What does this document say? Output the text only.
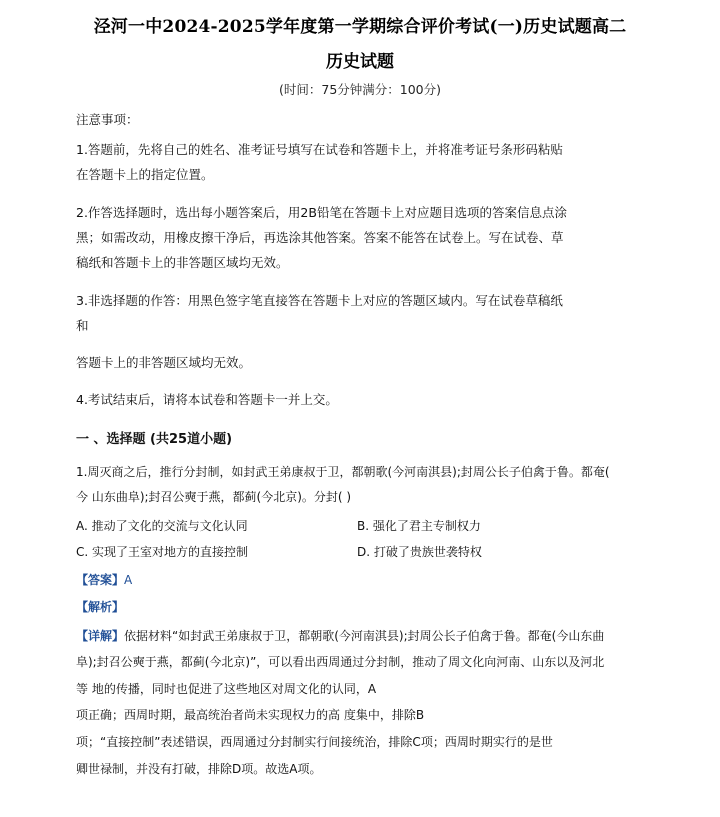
泾河一中2024-2025学年度第一学期综合评价考试(一)历史试题高二
历史试题
(时间：75分钟满分：100分)
注意事项：
1.答题前，先将自己的姓名、准考证号填写在试卷和答题卡上，并将准考证号条形码粘贴
在答题卡上的指定位置。
2.作答选择题时，选出每小题答案后，用2B铅笔在答题卡上对应题目选项的答案信息点涂
黑；如需改动，用橡皮擦干净后，再选涂其他答案。答案不能答在试卷上。写在试卷、草
稿纸和答题卡上的非答题区域均无效。
3.非选择题的作答：用黑色签字笔直接答在答题卡上对应的答题区域内。写在试卷草稿纸
和
答题卡上的非答题区域均无效。
4.考试结束后，请将本试卷和答题卡一并上交。
一 、选择题 (共25道小题)
1.周灭商之后，推行分封制，如封武王弟康叔于卫，都朝歌(今河南淇县);封周公长子伯禽于鲁。都奄(
今 山东曲阜);封召公奭于燕，都蓟(今北京)。分封( )
A. 推动了文化的交流与文化认同	B. 强化了君主专制权力
C. 实现了王室对地方的直接控制	D. 打破了贵族世袭特权
【答案】A
【解析】
【详解】依据材料“如封武王弟康叔于卫，都朝歌(今河南淇县);封周公长子伯禽于鲁。都奄(今山东曲
阜);封召公奭于燕，都蓟(今北京)”，可以看出西周通过分封制，推动了周文化向河南、山东以及河北
等 地的传播，同时也促进了这些地区对周文化的认同，A
项正确；西周时期，最高统治者尚未实现权力的高 度集中，排除B
项；“直接控制”表述错误，西周通过分封制实行间接统治，排除C项；西周时期实行的是世
卿世禄制，并没有打破，排除D项。故选A项。
